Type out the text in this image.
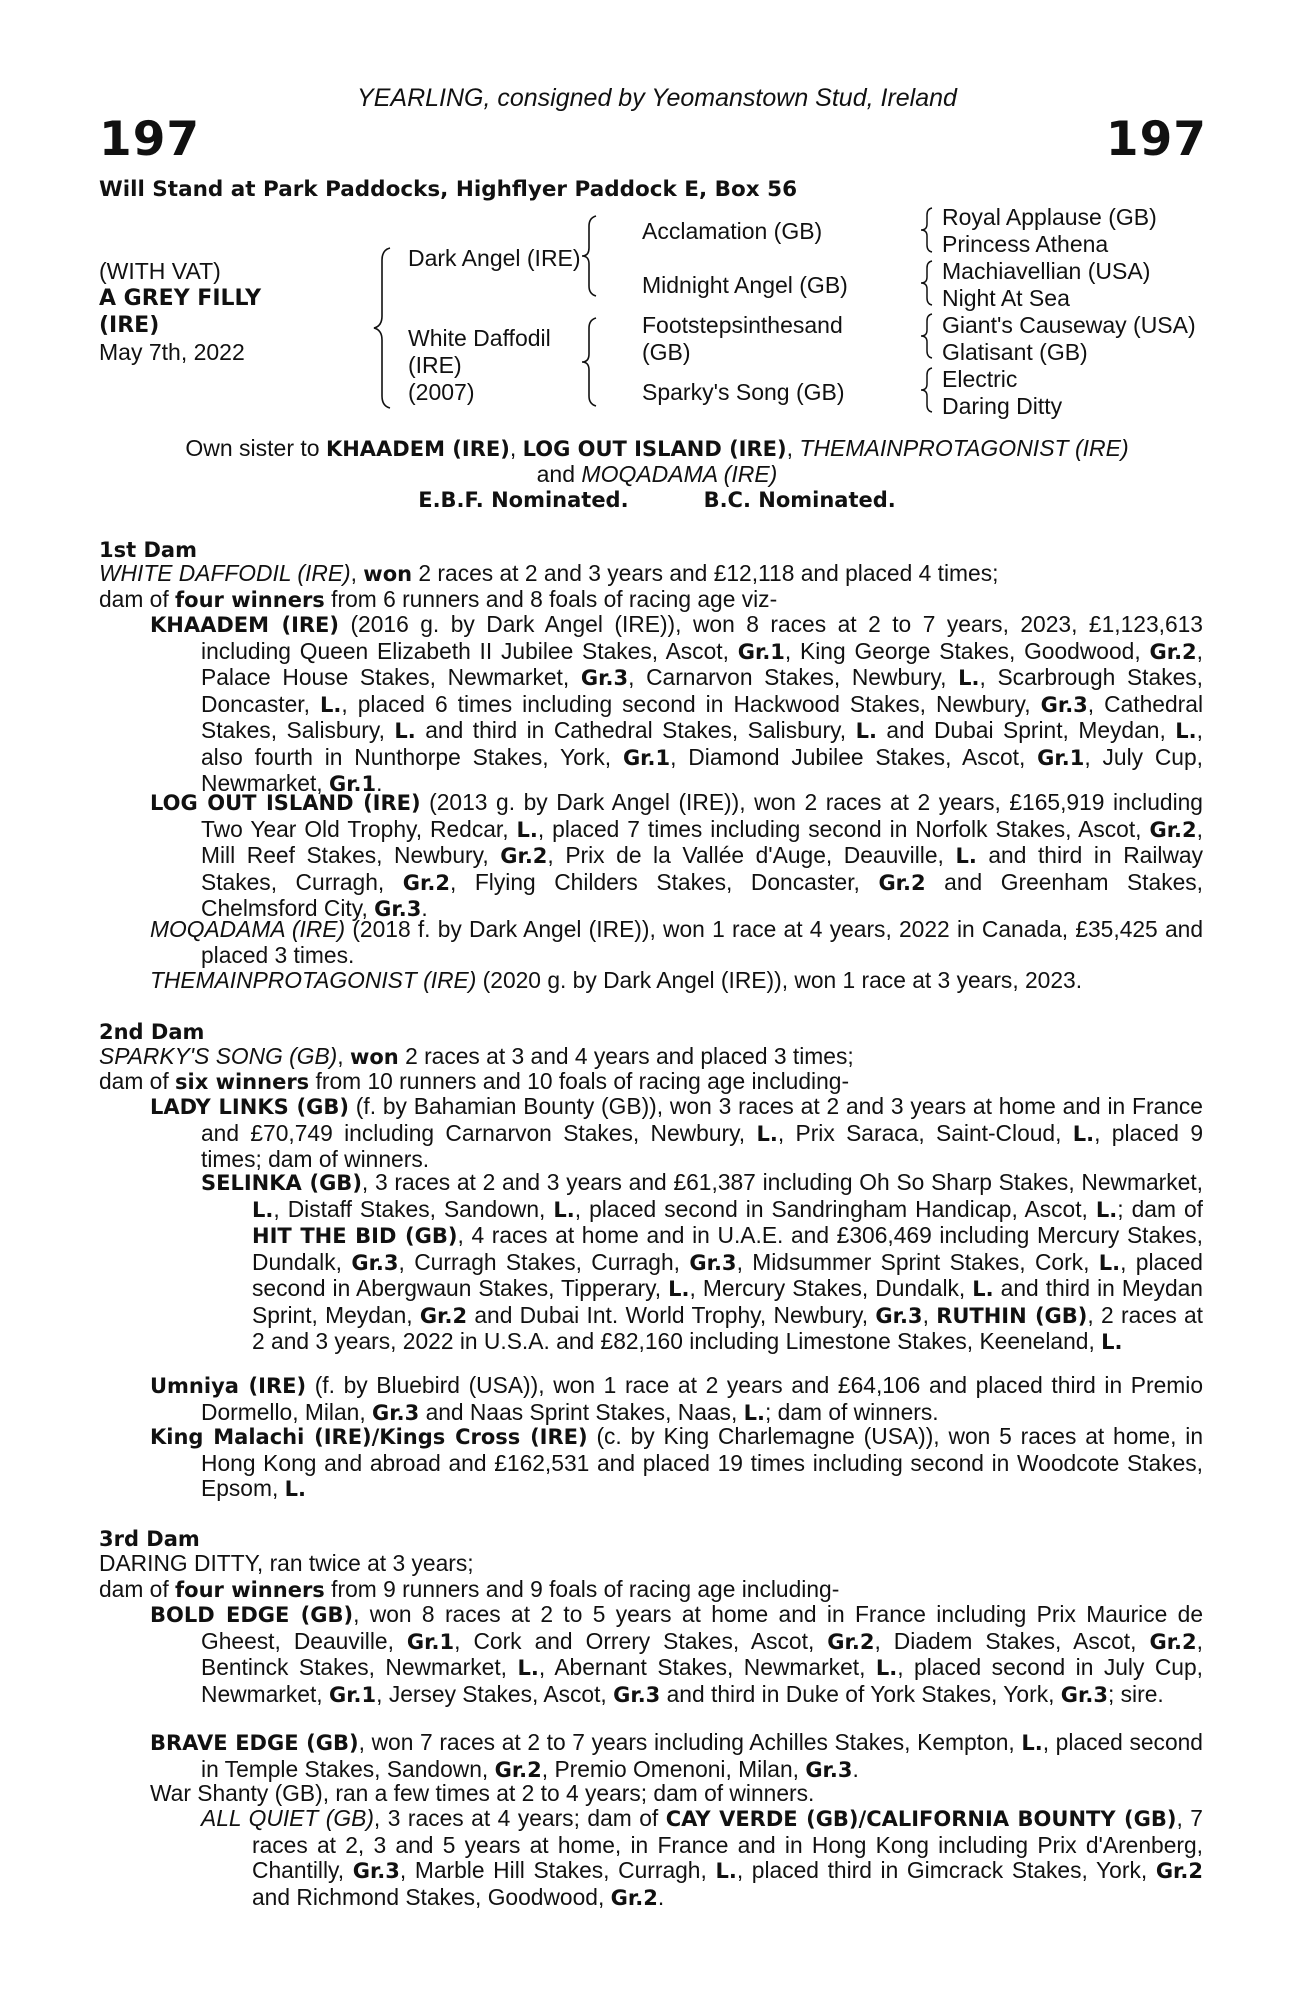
YEARLING, consigned by Yeomanstown Stud, Ireland
197	197
Will Stand at Park Paddocks, Highflyer Paddock E, Box 56
(WITH VAT)
A GREY FILLY
(IRE)
May 7th, 2022
Dark Angel (IRE)
White Daffodil
(IRE)
(2007)
Acclamation (GB)
Midnight Angel (GB)
Footstepsinthesand
(GB)
Sparky's Song (GB)
Royal Applause (GB)
Princess Athena
Machiavellian (USA)
Night At Sea
Giant's Causeway (USA)
Glatisant (GB)
Electric
Daring Ditty
Own sister to KHAADEM (IRE), LOG OUT ISLAND (IRE), THEMAINPROTAGONIST (IRE)
and MOQADAMA (IRE)
E.B.F. Nominated.	B.C. Nominated.
1st Dam
WHITE DAFFODIL (IRE), won 2 races at 2 and 3 years and £12,118 and placed 4 times;
dam of four winners from 6 runners and 8 foals of racing age viz-
KHAADEM (IRE) (2016 g. by Dark Angel (IRE)), won 8 races at 2 to 7 years, 2023, £1,123,613 including Queen Elizabeth II Jubilee Stakes, Ascot, Gr.1, King George Stakes, Goodwood, Gr.2, Palace House Stakes, Newmarket, Gr.3, Carnarvon Stakes, Newbury, L., Scarbrough Stakes, Doncaster, L., placed 6 times including second in Hackwood Stakes, Newbury, Gr.3, Cathedral Stakes, Salisbury, L. and third in Cathedral Stakes, Salisbury, L. and Dubai Sprint, Meydan, L., also fourth in Nunthorpe Stakes, York, Gr.1, Diamond Jubilee Stakes, Ascot, Gr.1, July Cup, Newmarket, Gr.1.
LOG OUT ISLAND (IRE) (2013 g. by Dark Angel (IRE)), won 2 races at 2 years, £165,919 including Two Year Old Trophy, Redcar, L., placed 7 times including second in Norfolk Stakes, Ascot, Gr.2, Mill Reef Stakes, Newbury, Gr.2, Prix de la Vallée d'Auge, Deauville, L. and third in Railway Stakes, Curragh, Gr.2, Flying Childers Stakes, Doncaster, Gr.2 and Greenham Stakes, Chelmsford City, Gr.3.
MOQADAMA (IRE) (2018 f. by Dark Angel (IRE)), won 1 race at 4 years, 2022 in Canada, £35,425 and placed 3 times.
THEMAINPROTAGONIST (IRE) (2020 g. by Dark Angel (IRE)), won 1 race at 3 years, 2023.
2nd Dam
SPARKY'S SONG (GB), won 2 races at 3 and 4 years and placed 3 times;
dam of six winners from 10 runners and 10 foals of racing age including-
LADY LINKS (GB) (f. by Bahamian Bounty (GB)), won 3 races at 2 and 3 years at home and in France and £70,749 including Carnarvon Stakes, Newbury, L., Prix Saraca, Saint-Cloud, L., placed 9 times; dam of winners.
SELINKA (GB), 3 races at 2 and 3 years and £61,387 including Oh So Sharp Stakes, Newmarket, L., Distaff Stakes, Sandown, L., placed second in Sandringham Handicap, Ascot, L.; dam of HIT THE BID (GB), 4 races at home and in U.A.E. and £306,469 including Mercury Stakes, Dundalk, Gr.3, Curragh Stakes, Curragh, Gr.3, Midsummer Sprint Stakes, Cork, L., placed second in Abergwaun Stakes, Tipperary, L., Mercury Stakes, Dundalk, L. and third in Meydan Sprint, Meydan, Gr.2 and Dubai Int. World Trophy, Newbury, Gr.3, RUTHIN (GB), 2 races at 2 and 3 years, 2022 in U.S.A. and £82,160 including Limestone Stakes, Keeneland, L.
Umniya (IRE) (f. by Bluebird (USA)), won 1 race at 2 years and £64,106 and placed third in Premio Dormello, Milan, Gr.3 and Naas Sprint Stakes, Naas, L.; dam of winners.
King Malachi (IRE)/Kings Cross (IRE) (c. by King Charlemagne (USA)), won 5 races at home, in Hong Kong and abroad and £162,531 and placed 19 times including second in Woodcote Stakes, Epsom, L.
3rd Dam
DARING DITTY, ran twice at 3 years;
dam of four winners from 9 runners and 9 foals of racing age including-
BOLD EDGE (GB), won 8 races at 2 to 5 years at home and in France including Prix Maurice de Gheest, Deauville, Gr.1, Cork and Orrery Stakes, Ascot, Gr.2, Diadem Stakes, Ascot, Gr.2, Bentinck Stakes, Newmarket, L., Abernant Stakes, Newmarket, L., placed second in July Cup, Newmarket, Gr.1, Jersey Stakes, Ascot, Gr.3 and third in Duke of York Stakes, York, Gr.3; sire.
BRAVE EDGE (GB), won 7 races at 2 to 7 years including Achilles Stakes, Kempton, L., placed second in Temple Stakes, Sandown, Gr.2, Premio Omenoni, Milan, Gr.3.
War Shanty (GB), ran a few times at 2 to 4 years; dam of winners.
ALL QUIET (GB), 3 races at 4 years; dam of CAY VERDE (GB)/CALIFORNIA BOUNTY (GB), 7 races at 2, 3 and 5 years at home, in France and in Hong Kong including Prix d'Arenberg, Chantilly, Gr.3, Marble Hill Stakes, Curragh, L., placed third in Gimcrack Stakes, York, Gr.2 and Richmond Stakes, Goodwood, Gr.2.
